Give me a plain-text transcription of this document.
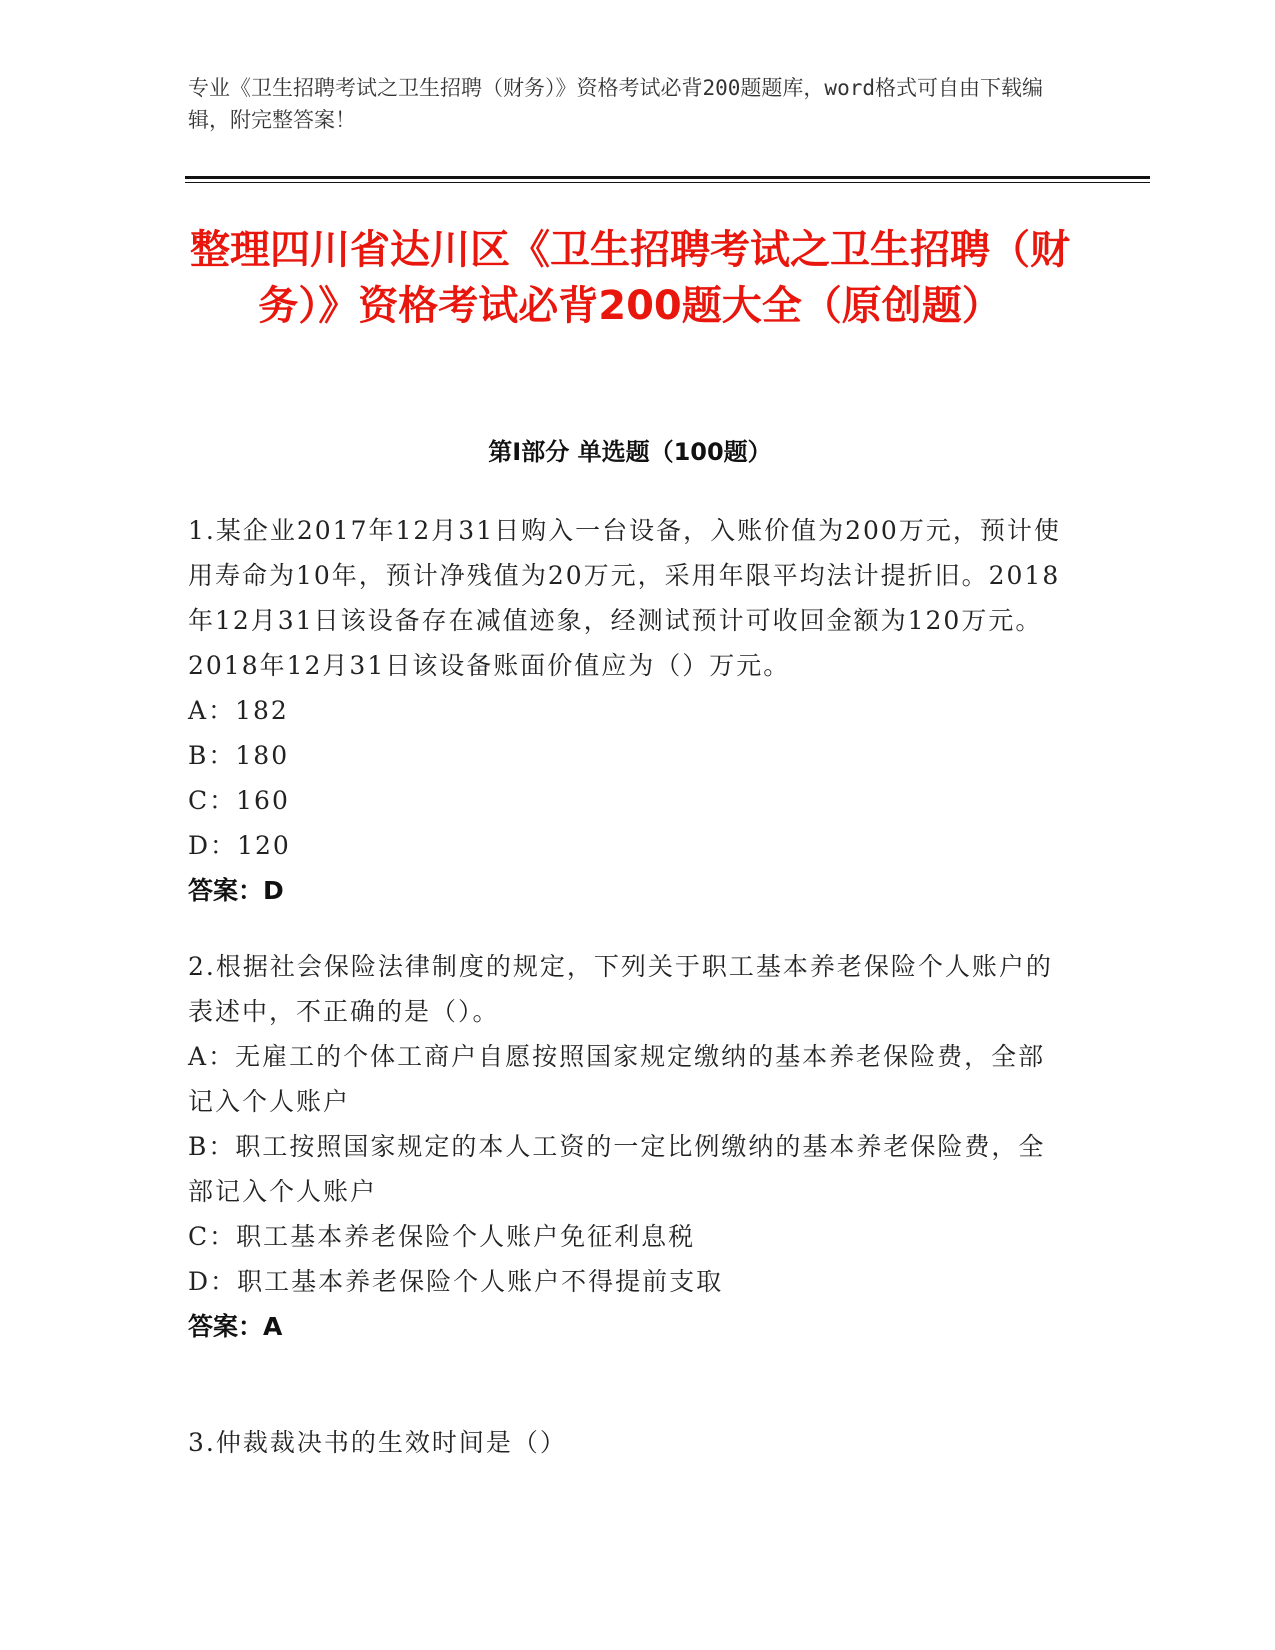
专业《卫生招聘考试之卫生招聘（财务）》资格考试必背200题题库，word格式可自由下载编辑，附完整答案！
整理四川省达川区《卫生招聘考试之卫生招聘（财务）》资格考试必背200题大全（原创题）
第I部分 单选题（100题）

1.某企业2017年12月31日购入一台设备，入账价值为200万元，预计使用寿命为10年，预计净残值为20万元，采用年限平均法计提折旧。2018年12月31日该设备存在减值迹象，经测试预计可收回金额为120万元。2018年12月31日该设备账面价值应为（）万元。

A：182

B：180

C：160

D：120

答案：D

2.根据社会保险法律制度的规定，下列关于职工基本养老保险个人账户的表述中，不正确的是（）。

A：无雇工的个体工商户自愿按照国家规定缴纳的基本养老保险费，全部记入个人账户

B：职工按照国家规定的本人工资的一定比例缴纳的基本养老保险费，全部记入个人账户

C：职工基本养老保险个人账户免征利息税

D：职工基本养老保险个人账户不得提前支取

答案：A

3.仲裁裁决书的生效时间是（）
